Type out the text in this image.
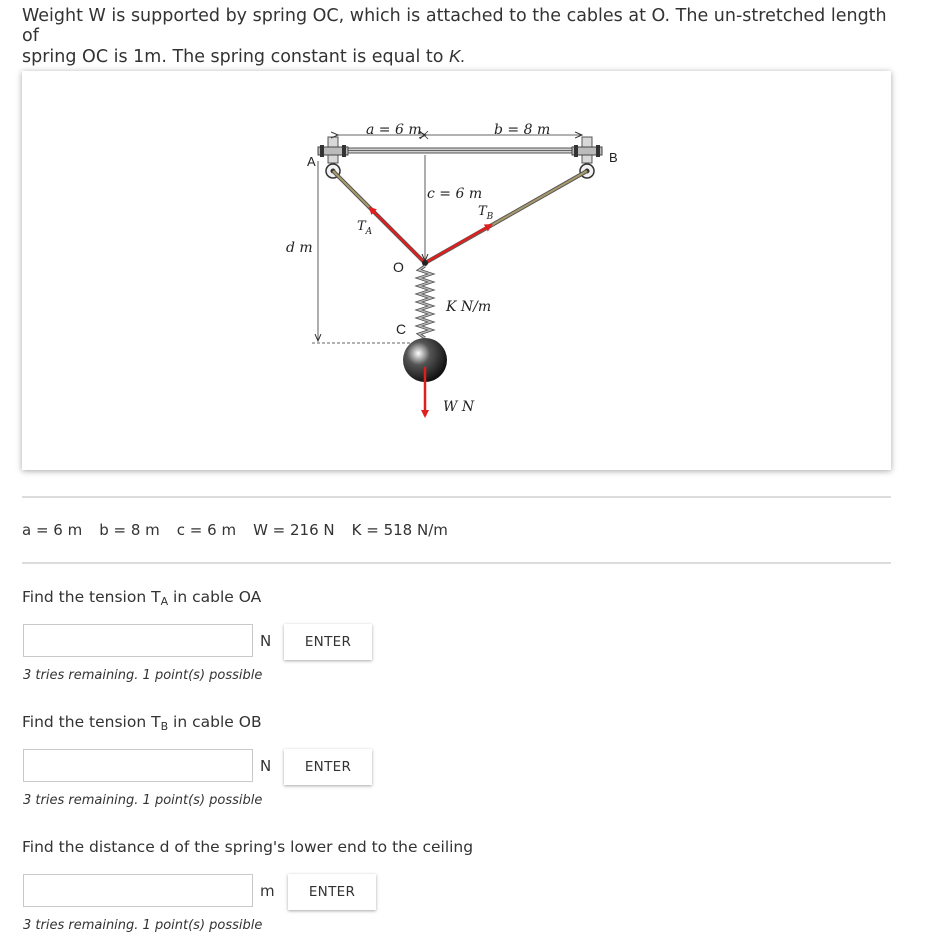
Weight W is supported by spring OC, which is attached to the cables at O. The un-stretched length of
spring OC is 1m. The spring constant is equal to K.
a = 6 m	b = 8 m
c = 6 m
d m
$T_A$
$T_B$
A	B
O
C
K N/m
W N
a = 6 m b = 8 m c = 6 m W = 216 N K = 518 N/m
Find the tension $T_A$ in cable OA
N	ENTER
3 tries remaining. 1 point(s) possible
Find the tension $T_B$ in cable OB
N	ENTER
3 tries remaining. 1 point(s) possible
Find the distance d of the spring's lower end to the ceiling
m	ENTER
3 tries remaining. 1 point(s) possible
